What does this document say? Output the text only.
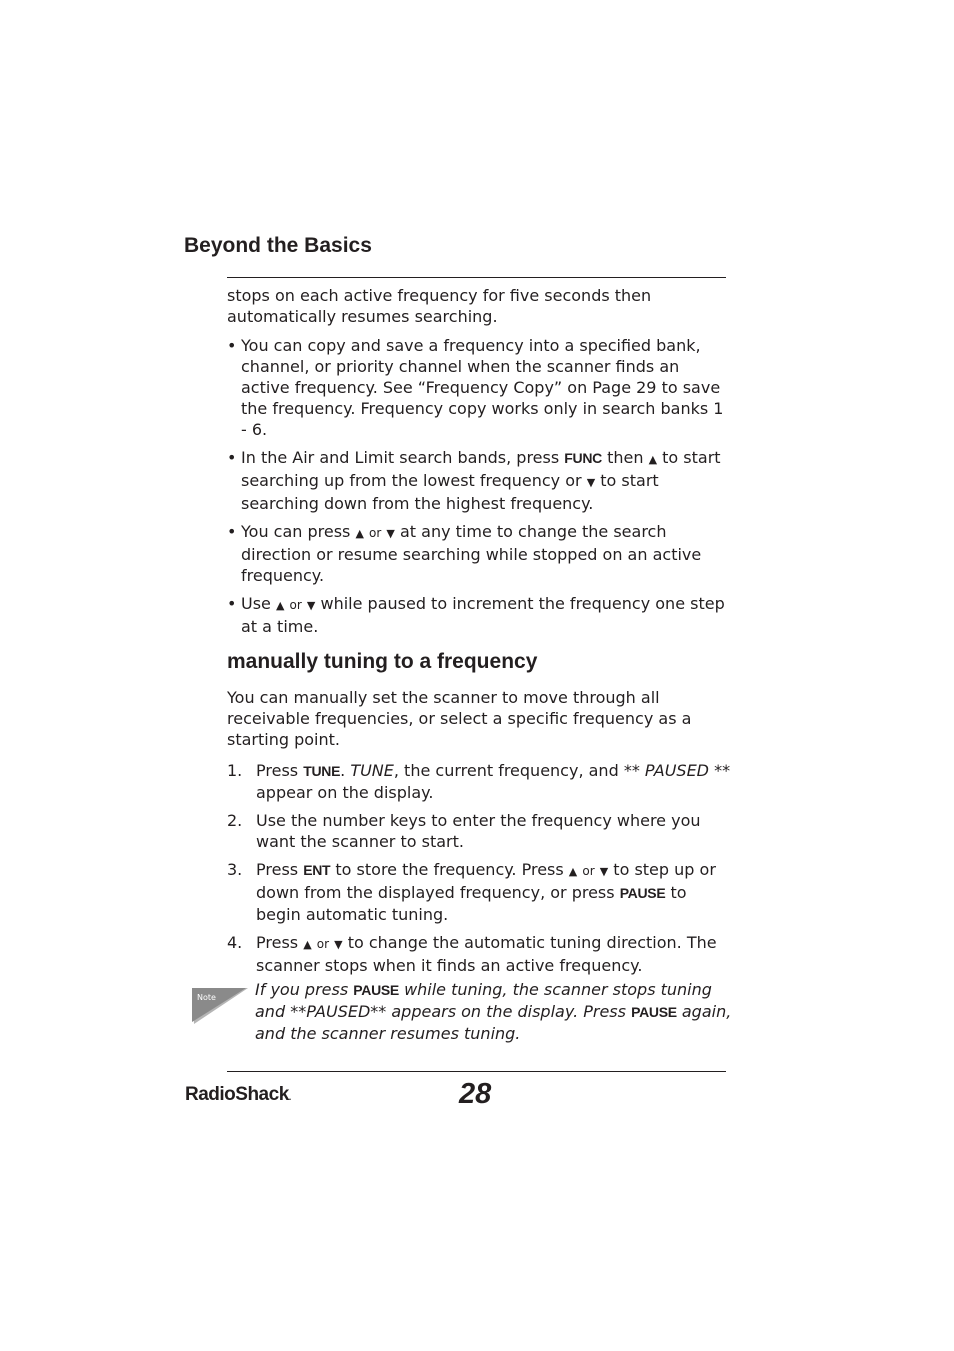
Beyond the Basics

stops on each active frequency for five seconds then automatically resumes searching.

• You can copy and save a frequency into a specified bank, channel, or priority channel when the scanner finds an active frequency. See “Frequency Copy” on Page 29 to save the frequency. Frequency copy works only in search banks 1 - 6.
• In the Air and Limit search bands, press FUNC then ▲ to start searching up from the lowest frequency or ▼ to start searching down from the highest frequency.
• You can press ▲ or ▼ at any time to change the search direction or resume searching while stopped on an active frequency.
• Use ▲ or ▼ while paused to increment the frequency one step at a time.
manually tuning to a frequency

You can manually set the scanner to move through all receivable frequencies, or select a specific frequency as a starting point.

1. Press TUNE. TUNE, the current frequency, and ** PAUSED ** appear on the display.
2. Use the number keys to enter the frequency where you want the scanner to start.
3. Press ENT to store the frequency. Press ▲ or ▼ to step up or down from the displayed frequency, or press PAUSE to begin automatic tuning.
4. Press ▲ or ▼ to change the automatic tuning direction. The scanner stops when it finds an active frequency.
Note If you press PAUSE while tuning, the scanner stops tuning and **PAUSED** appears on the display. Press PAUSE again, and the scanner resumes tuning.
RadioShack.	28
